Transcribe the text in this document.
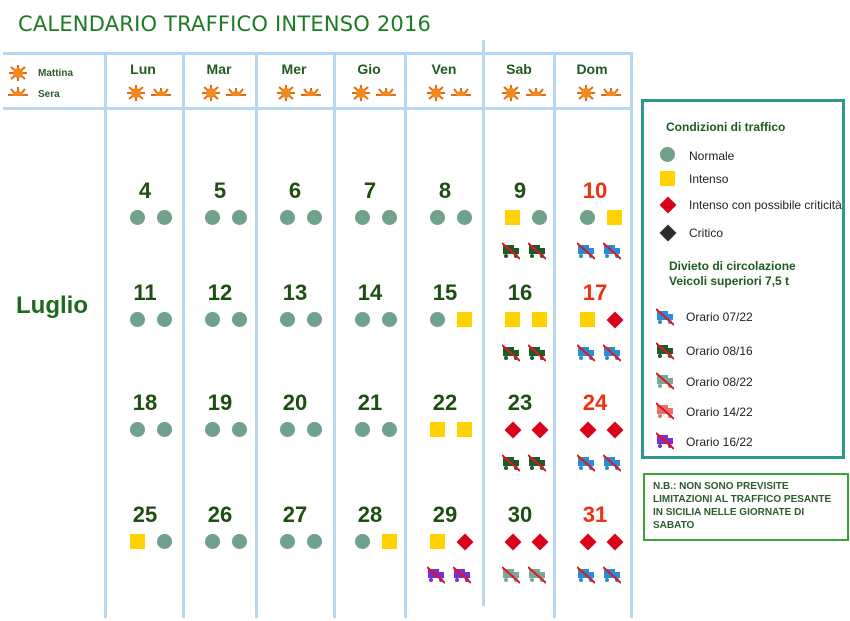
CALENDARIO TRAFFICO INTENSO 2016
Mattina
Sera
Lun	Mar	Mer	Gio	Ven	Sab	Dom
Luglio
4	5	6	7	8	9	10
11	12	13	14	15	16	17
18	19	20	21	22	23	24
25	26	27	28	29	30	31
Condizioni di traffico
Normale
Intenso
Intenso con possibile criticità
Critico
Divieto di circolazione
Veicoli superiori 7,5 t
Orario 07/22
Orario 08/16
Orario 08/22
Orario 14/22
Orario 16/22
N.B.: NON SONO PREVISITE LIMITAZIONI AL TRAFFICO PESANTE IN SICILIA NELLE GIORNATE DI SABATO
